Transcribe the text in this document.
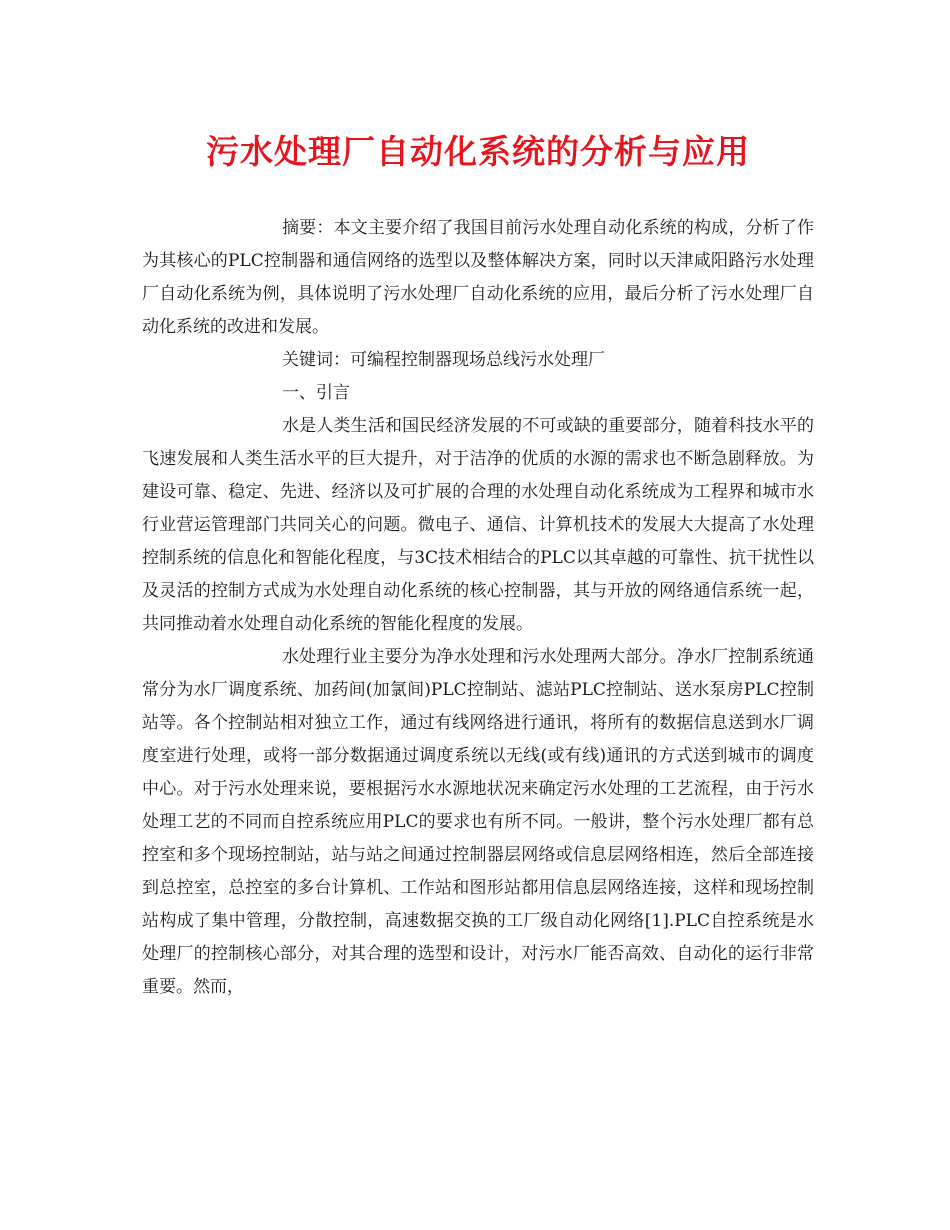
污水处理厂自动化系统的分析与应用

摘要：本文主要介绍了我国目前污水处理自动化系统的构成，分析了作为其核心的PLC控制器和通信网络的选型以及整体解决方案，同时以天津咸阳路污水处理厂自动化系统为例，具体说明了污水处理厂自动化系统的应用，最后分析了污水处理厂自动化系统的改进和发展。

关键词：可编程控制器现场总线污水处理厂

一、引言

水是人类生活和国民经济发展的不可或缺的重要部分，随着科技水平的飞速发展和人类生活水平的巨大提升，对于洁净的优质的水源的需求也不断急剧释放。为建设可靠、稳定、先进、经济以及可扩展的合理的水处理自动化系统成为工程界和城市水行业营运管理部门共同关心的问题。微电子、通信、计算机技术的发展大大提高了水处理控制系统的信息化和智能化程度，与3C技术相结合的PLC以其卓越的可靠性、抗干扰性以及灵活的控制方式成为水处理自动化系统的核心控制器，其与开放的网络通信系统一起，共同推动着水处理自动化系统的智能化程度的发展。

水处理行业主要分为净水处理和污水处理两大部分。净水厂控制系统通常分为水厂调度系统、加药间(加氯间)PLC控制站、滤站PLC控制站、送水泵房PLC控制站等。各个控制站相对独立工作，通过有线网络进行通讯，将所有的数据信息送到水厂调度室进行处理，或将一部分数据通过调度系统以无线(或有线)通讯的方式送到城市的调度中心。对于污水处理来说，要根据污水水源地状况来确定污水处理的工艺流程，由于污水处理工艺的不同而自控系统应用PLC的要求也有所不同。一般讲，整个污水处理厂都有总控室和多个现场控制站，站与站之间通过控制器层网络或信息层网络相连，然后全部连接到总控室，总控室的多台计算机、工作站和图形站都用信息层网络连接，这样和现场控制站构成了集中管理，分散控制，高速数据交换的工厂级自动化网络[1].PLC自控系统是水处理厂的控制核心部分，对其合理的选型和设计，对污水厂能否高效、自动化的运行非常重要。然而，
